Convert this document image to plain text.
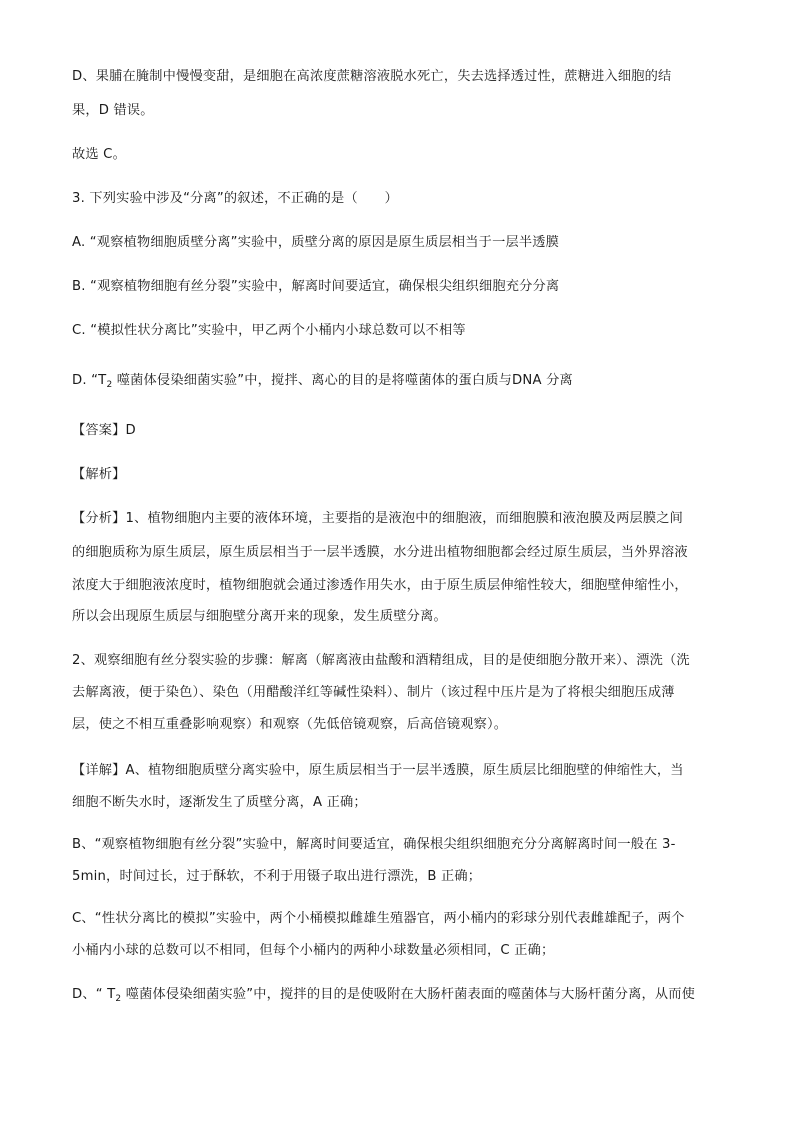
D、果脯在腌制中慢慢变甜，是细胞在高浓度蔗糖溶液脱水死亡，失去选择透过性，蔗糖进入细胞的结
果，D 错误。
故选 C。
3. 下列实验中涉及“分离”的叙述，不正确的是（　　）
A. “观察植物细胞质壁分离”实验中，质壁分离的原因是原生质层相当于一层半透膜
B. “观察植物细胞有丝分裂”实验中，解离时间要适宜，确保根尖组织细胞充分分离
C. “模拟性状分离比”实验中，甲乙两个小桶内小球总数可以不相等
D. “$T_2$ 噬菌体侵染细菌实验”中，搅拌、离心的目的是将噬菌体的蛋白质与DNA 分离
【答案】D
【解析】
【分析】1、植物细胞内主要的液体环境，主要指的是液泡中的细胞液，而细胞膜和液泡膜及两层膜之间
的细胞质称为原生质层，原生质层相当于一层半透膜，水分进出植物细胞都会经过原生质层，当外界溶液
浓度大于细胞液浓度时，植物细胞就会通过渗透作用失水，由于原生质层伸缩性较大，细胞壁伸缩性小，
所以会出现原生质层与细胞壁分离开来的现象，发生质壁分离。
2、观察细胞有丝分裂实验的步骤：解离（解离液由盐酸和酒精组成，目的是使细胞分散开来）、漂洗（洗
去解离液，便于染色）、染色（用醋酸洋红等碱性染料）、制片（该过程中压片是为了将根尖细胞压成薄
层，使之不相互重叠影响观察）和观察（先低倍镜观察，后高倍镜观察）。
【详解】A、植物细胞质壁分离实验中，原生质层相当于一层半透膜，原生质层比细胞壁的伸缩性大，当
细胞不断失水时，逐渐发生了质壁分离，A 正确；
B、“观察植物细胞有丝分裂”实验中，解离时间要适宜，确保根尖组织细胞充分分离解离时间一般在 3-
5min，时间过长，过于酥软，不利于用镊子取出进行漂洗，B 正确；
C、“性状分离比的模拟”实验中，两个小桶模拟雌雄生殖器官，两小桶内的彩球分别代表雌雄配子，两个
小桶内小球的总数可以不相同，但每个小桶内的两种小球数量必须相同，C 正确；
D、“ $T_2$ 噬菌体侵染细菌实验”中，搅拌的目的是使吸附在大肠杆菌表面的噬菌体与大肠杆菌分离，从而使
